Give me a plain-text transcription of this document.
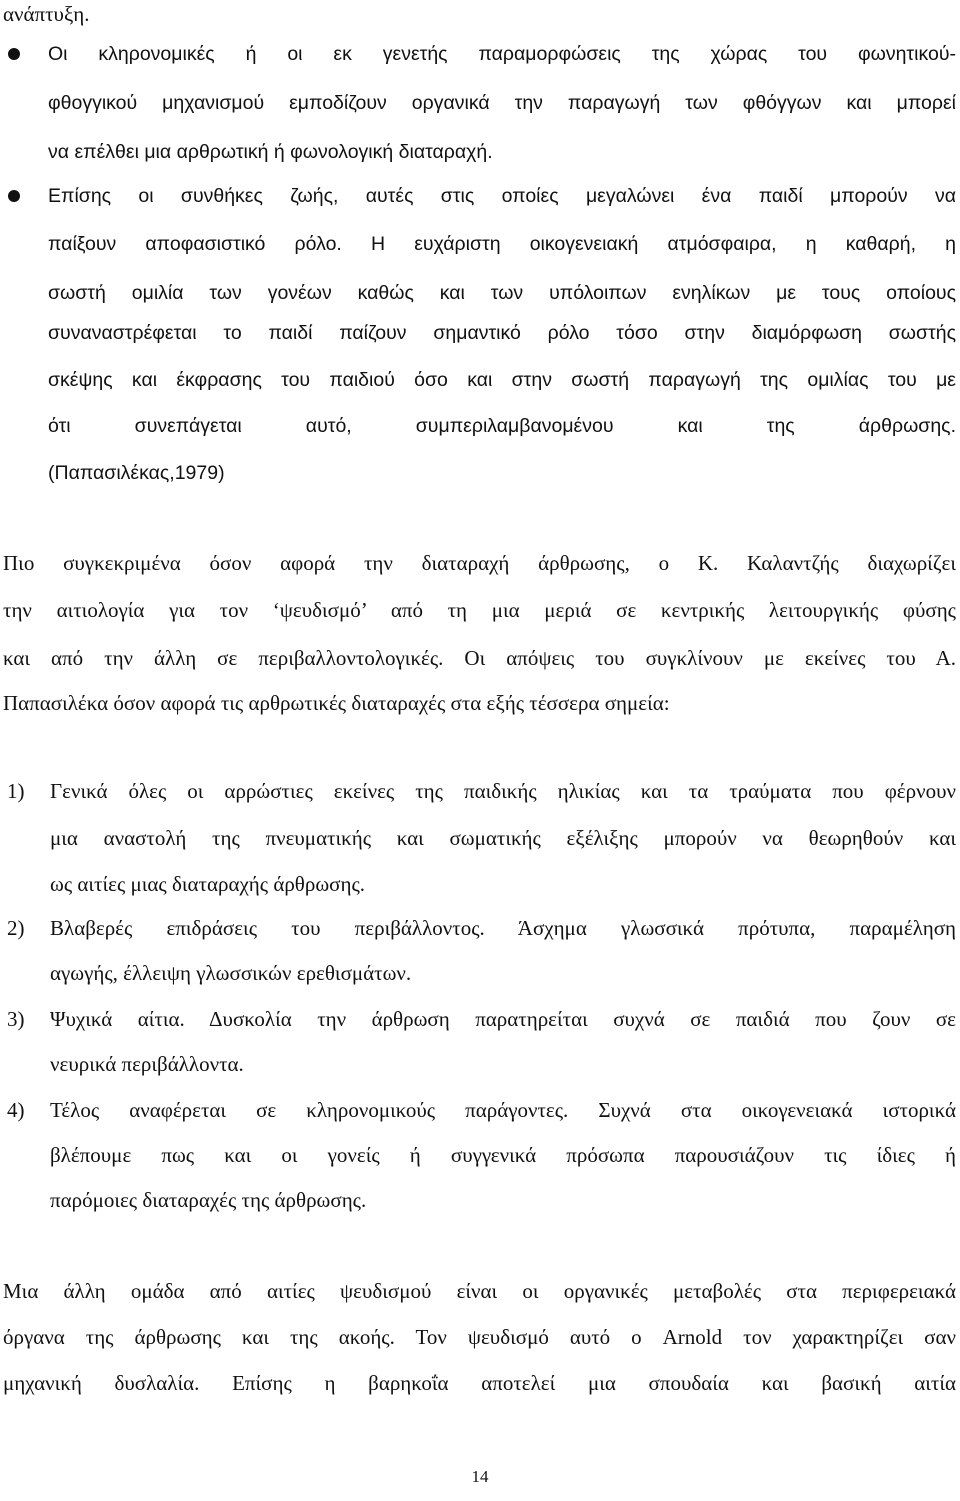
ανάπτυξη.
Οι κληρονομικές ή οι εκ γενετής παραμορφώσεις της χώρας του φωνητικού-
φθογγικού μηχανισμού εμποδίζουν οργανικά την παραγωγή των φθόγγων και μπορεί
να επέλθει μια αρθρωτική ή φωνολογική διαταραχή.
Επίσης οι συνθήκες ζωής, αυτές στις οποίες μεγαλώνει ένα παιδί μπορούν να
παίξουν αποφασιστικό ρόλο. Η ευχάριστη οικογενειακή ατμόσφαιρα, η καθαρή, η
σωστή ομιλία των γονέων καθώς και των υπόλοιπων ενηλίκων με τους οποίους
συναναστρέφεται το παιδί παίζουν σημαντικό ρόλο τόσο στην διαμόρφωση σωστής
σκέψης και έκφρασης του παιδιού όσο και στην σωστή παραγωγή της ομιλίας του με
ότι συνεπάγεται αυτό, συμπεριλαμβανομένου και της άρθρωσης.
(Παπασιλέκας,1979)
Πιο συγκεκριμένα όσον αφορά την διαταραχή άρθρωσης, ο Κ. Καλαντζής διαχωρίζει
την αιτιολογία για τον ‘ψευδισμό’ από τη μια μεριά σε κεντρικής λειτουργικής φύσης
και από την άλλη σε περιβαλλοντολογικές. Οι απόψεις του συγκλίνουν με εκείνες του Α.
Παπασιλέκα όσον αφορά τις αρθρωτικές διαταραχές στα εξής τέσσερα σημεία:
1) Γενικά όλες οι αρρώστιες εκείνες της παιδικής ηλικίας και τα τραύματα που φέρνουν
μια αναστολή της πνευματικής και σωματικής εξέλιξης μπορούν να θεωρηθούν και
ως αιτίες μιας διαταραχής άρθρωσης.
2) Βλαβερές επιδράσεις του περιβάλλοντος. Άσχημα γλωσσικά πρότυπα, παραμέληση
αγωγής, έλλειψη γλωσσικών ερεθισμάτων.
3) Ψυχικά αίτια. Δυσκολία την άρθρωση παρατηρείται συχνά σε παιδιά που ζουν σε
νευρικά περιβάλλοντα.
4) Τέλος αναφέρεται σε κληρονομικούς παράγοντες. Συχνά στα οικογενειακά ιστορικά
βλέπουμε πως και οι γονείς ή συγγενικά πρόσωπα παρουσιάζουν τις ίδιες ή
παρόμοιες διαταραχές της άρθρωσης.
Μια άλλη ομάδα από αιτίες ψευδισμού είναι οι οργανικές μεταβολές στα περιφερειακά
όργανα της άρθρωσης και της ακοής. Τον ψευδισμό αυτό ο Arnold τον χαρακτηρίζει σαν
μηχανική δυσλαλία. Επίσης η βαρηκοΐα αποτελεί μια σπουδαία και βασική αιτία
14
